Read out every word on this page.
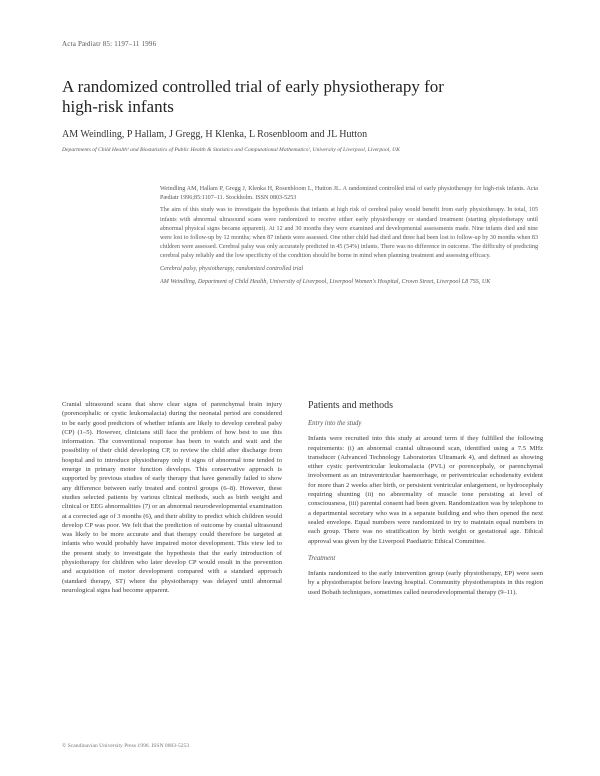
Acta Pædiatr 85: 1197–11 1996
A randomized controlled trial of early physiotherapy for high-risk infants
AM Weindling, P Hallam, J Gregg, H Klenka, L Rosenbloom and JL Hutton
Departments of Child Health¹ and Biostatistics of Public Health & Statistics and Computational Mathematics², University of Liverpool, Liverpool, UK

Weindling AM, Hallam P, Gregg J, Klenka H, Rosenbloom L, Hutton JL. A randomized controlled trial of early physiotherapy for high-risk infants. Acta Pædiatr 1996;85:1107–11. Stockholm. ISSN 0803-5253

The aim of this study was to investigate the hypothesis that infants at high risk of cerebral palsy would benefit from early physiotherapy. In total, 105 infants with abnormal ultrasound scans were randomized to receive either early physiotherapy or standard treatment (starting physiotherapy until abnormal physical signs became apparent). At 12 and 30 months they were examined and developmental assessments made. Nine infants died and nine were lost to follow-up by 12 months; when 87 infants were assessed. One other child had died and three had been lost to follow-up by 30 months when 83 children were assessed. Cerebral palsy was only accurately predicted in 45 (54%) infants. There was no difference in outcome. The difficulty of predicting cerebral palsy reliably and the low specificity of the condition should be borne in mind when planning treatment and assessing efficacy.

Cerebral palsy, physiotherapy, randomized controlled trial

AM Weindling, Department of Child Health, University of Liverpool, Liverpool Women's Hospital, Crown Street, Liverpool L8 7SS, UK

Cranial ultrasound scans that show clear signs of parenchymal brain injury (porencephalic or cystic leukomalacia) during the neonatal period are considered to be early good predictors of whether infants are likely to develop cerebral palsy (CP) (1–5). However, clinicians still face the problem of how best to use this information. The conventional response has been to watch and wait and the possibility of their child developing CP, to review the child after discharge from hospital and to introduce physiotherapy only if signs of abnormal tone tended to emerge in primary motor function develops. This conservative approach is supported by previous studies of early therapy that have generally failed to show any difference between early treated and control groups (6–8). However, these studies selected patients by various clinical methods, such as birth weight and clinical or EEG abnormalities (7) or an abnormal neurodevelopmental examination at a corrected age of 3 months (6), and their ability to predict which children would develop CP was poor. We felt that the prediction of outcome by cranial ultrasound was likely to be more accurate and that therapy could therefore be targeted at infants who would probably have impaired motor development. This view led to the present study to investigate the hypothesis that the early introduction of physiotherapy for children who later develop CP would result in the prevention and acquisition of motor development compared with a standard approach (standard therapy, ST) where the physiotherapy was delayed until abnormal neurological signs had become apparent.

Patients and methods
Entry into the study

Infants were recruited into this study at around term if they fulfilled the following requirements: (i) an abnormal cranial ultrasound scan, identified using a 7.5 MHz transducer (Advanced Technology Laboratories Ultramark 4), and defined as showing either cystic periventricular leukomalacia (PVL) or porencephaly, or parenchymal involvement as an intraventricular haemorrhage, or periventricular echodensity evident for more than 2 weeks after birth, or persistent ventricular enlargement, or hydrocephaly requiring shunting (ii) no abnormality of muscle tone persisting at level of consciousness, (iii) parental consent had been given. Randomization was by telephone to a departmental secretary who was in a separate building and who then opened the next sealed envelope. Equal numbers were randomized to try to maintain equal numbers in each group. There was no stratification by birth weight or gestational age. Ethical approval was given by the Liverpool Paediatric Ethical Committee.

Treatment

Infants randomized to the early intervention group (early physiotherapy, EP) were seen by a physiotherapist before leaving hospital. Community physiotherapists in this region used Bobath techniques, sometimes called neurodevelopmental therapy (9–11).

© Scandinavian University Press 1996. ISSN 0803-5253
